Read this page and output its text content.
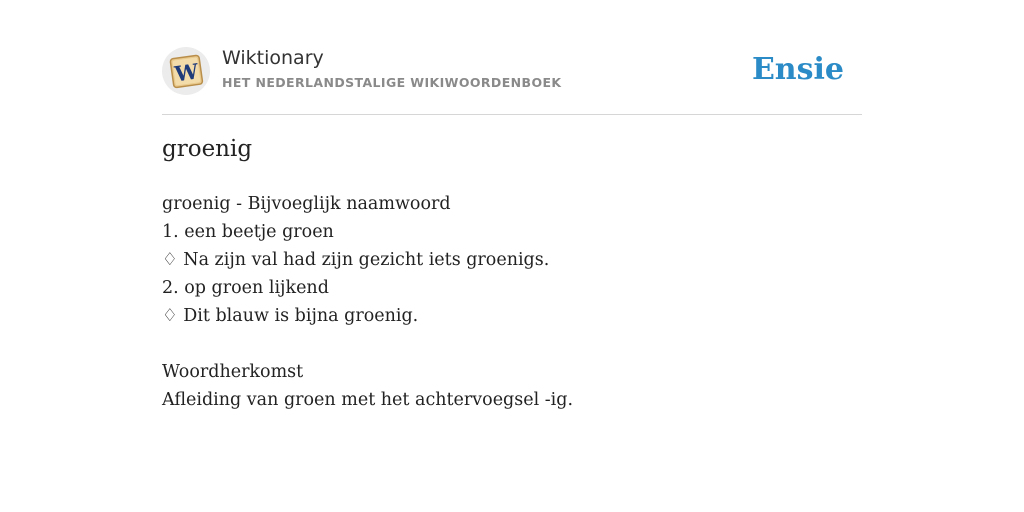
W
Wiktionary
HET NEDERLANDSTALIGE WIKIWOORDENBOEK	Ensie
groenig
groenig - Bijvoeglijk naamwoord
1. een beetje groen
♢ Na zijn val had zijn gezicht iets groenigs.
2. op groen lijkend
♢ Dit blauw is bijna groenig.
Woordherkomst
Afleiding van groen met het achtervoegsel -ig.
